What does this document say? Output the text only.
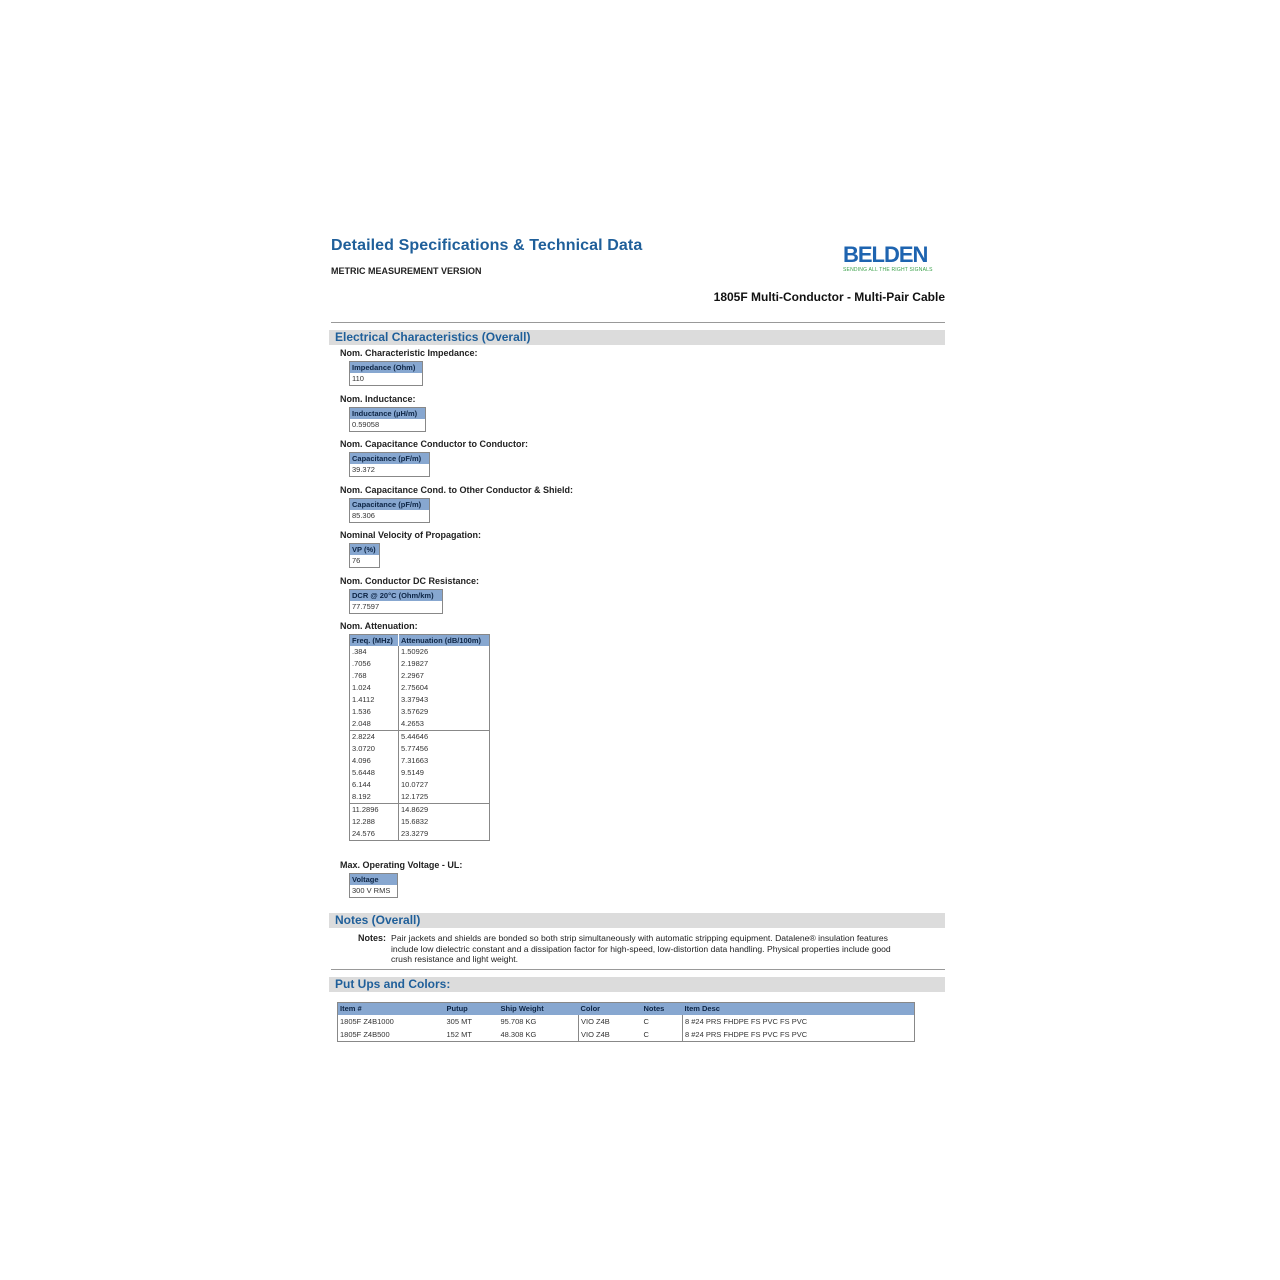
Detailed Specifications & Technical Data
METRIC MEASUREMENT VERSION
BELDEN
SENDING ALL THE RIGHT SIGNALS
1805F Multi-Conductor - Multi-Pair Cable
Electrical Characteristics (Overall)
Nom. Characteristic Impedance:
Impedance (Ohm)
110
Nom. Inductance:
Inductance (µH/m)
0.59058
Nom. Capacitance Conductor to Conductor:
Capacitance (pF/m)
39.372
Nom. Capacitance Cond. to Other Conductor & Shield:
Capacitance (pF/m)
85.306
Nominal Velocity of Propagation:
VP (%)
76
Nom. Conductor DC Resistance:
DCR @ 20°C (Ohm/km)
77.7597
Nom. Attenuation:
Freq. (MHz)	Attenuation (dB/100m)
.384	1.50926
.7056	2.19827
.768	2.2967
1.024	2.75604
1.4112	3.37943
1.536	3.57629
2.048	4.2653
2.8224	5.44646
3.0720	5.77456
4.096	7.31663
5.6448	9.5149
6.144	10.0727
8.192	12.1725
11.2896	14.8629
12.288	15.6832
24.576	23.3279
Max. Operating Voltage - UL:
Voltage
300 V RMS
Notes (Overall)
Notes: Pair jackets and shields are bonded so both strip simultaneously with automatic stripping equipment. Datalene® insulation features include low dielectric constant and a dissipation factor for high-speed, low-distortion data handling. Physical properties include good crush resistance and light weight.
Put Ups and Colors:
Item #	Putup	Ship Weight	Color	Notes	Item Desc
1805F Z4B1000	305 MT	95.708 KG	VIO Z4B	C	8 #24 PRS FHDPE FS PVC FS PVC
1805F Z4B500	152 MT	48.308 KG	VIO Z4B	C	8 #24 PRS FHDPE FS PVC FS PVC
